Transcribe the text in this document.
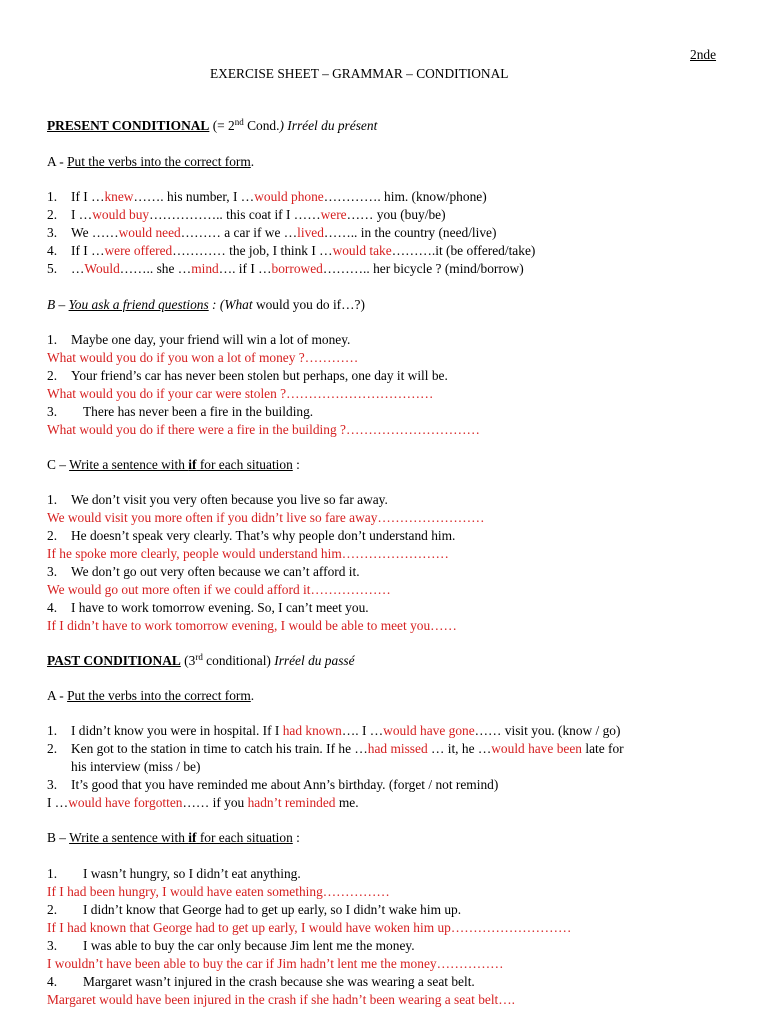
2nde
EXERCISE SHEET – GRAMMAR – CONDITIONAL
PRESENT CONDITIONAL (= 2nd Cond.) Irréel du présent
A - Put the verbs into the correct form.
1. If I …knew……. his number, I …would phone…………. him. (know/phone)
2. I …would buy…………….. this coat if I ……were…… you (buy/be)
3. We ……would need……… a car if we …lived…….. in the country (need/live)
4. If I …were offered………… the job, I think I …would take……….it (be offered/take)
5. …Would…….. she …mind…. if I …borrowed……….. her bicycle ? (mind/borrow)
B – You ask a friend questions : (What would you do if…?)
1. Maybe one day, your friend will win a lot of money.
What would you do if you won a lot of money ?…………
2. Your friend’s car has never been stolen but perhaps, one day it will be.
What would you do if your car were stolen ?……………………………
3. There has never been a fire in the building.
What would you do if there were a fire in the building ?…………………………
C – Write a sentence with if for each situation :
1. We don’t visit you very often because you live so far away.
We would visit you more often if you didn’t live so fare away……………………
2. He doesn’t speak very clearly. That’s why people don’t understand him.
If he spoke more clearly, people would understand him……………………
3. We don’t go out very often because we can’t afford it.
We would go out more often if we could afford it………………
4. I have to work tomorrow evening. So, I can’t meet you.
If I didn’t have to work tomorrow evening, I would be able to meet you……
PAST CONDITIONAL (3rd conditional) Irréel du passé
A - Put the verbs into the correct form.
1. I didn’t know you were in hospital. If I had known…. I …would have gone…… visit you. (know / go)
2. Ken got to the station in time to catch his train. If he …had missed … it, he …would have been late for
his interview (miss / be)
3. It’s good that you have reminded me about Ann’s birthday. (forget / not remind)
I …would have forgotten…… if you hadn’t reminded me.
B – Write a sentence with if for each situation :
1. I wasn’t hungry, so I didn’t eat anything.
If I had been hungry, I would have eaten something……………
2. I didn’t know that George had to get up early, so I didn’t wake him up.
If I had known that George had to get up early, I would have woken him up………………………
3. I was able to buy the car only because Jim lent me the money.
I wouldn’t have been able to buy the car if Jim hadn’t lent me the money……………
4. Margaret wasn’t injured in the crash because she was wearing a seat belt.
Margaret would have been injured in the crash if she hadn’t been wearing a seat belt….
